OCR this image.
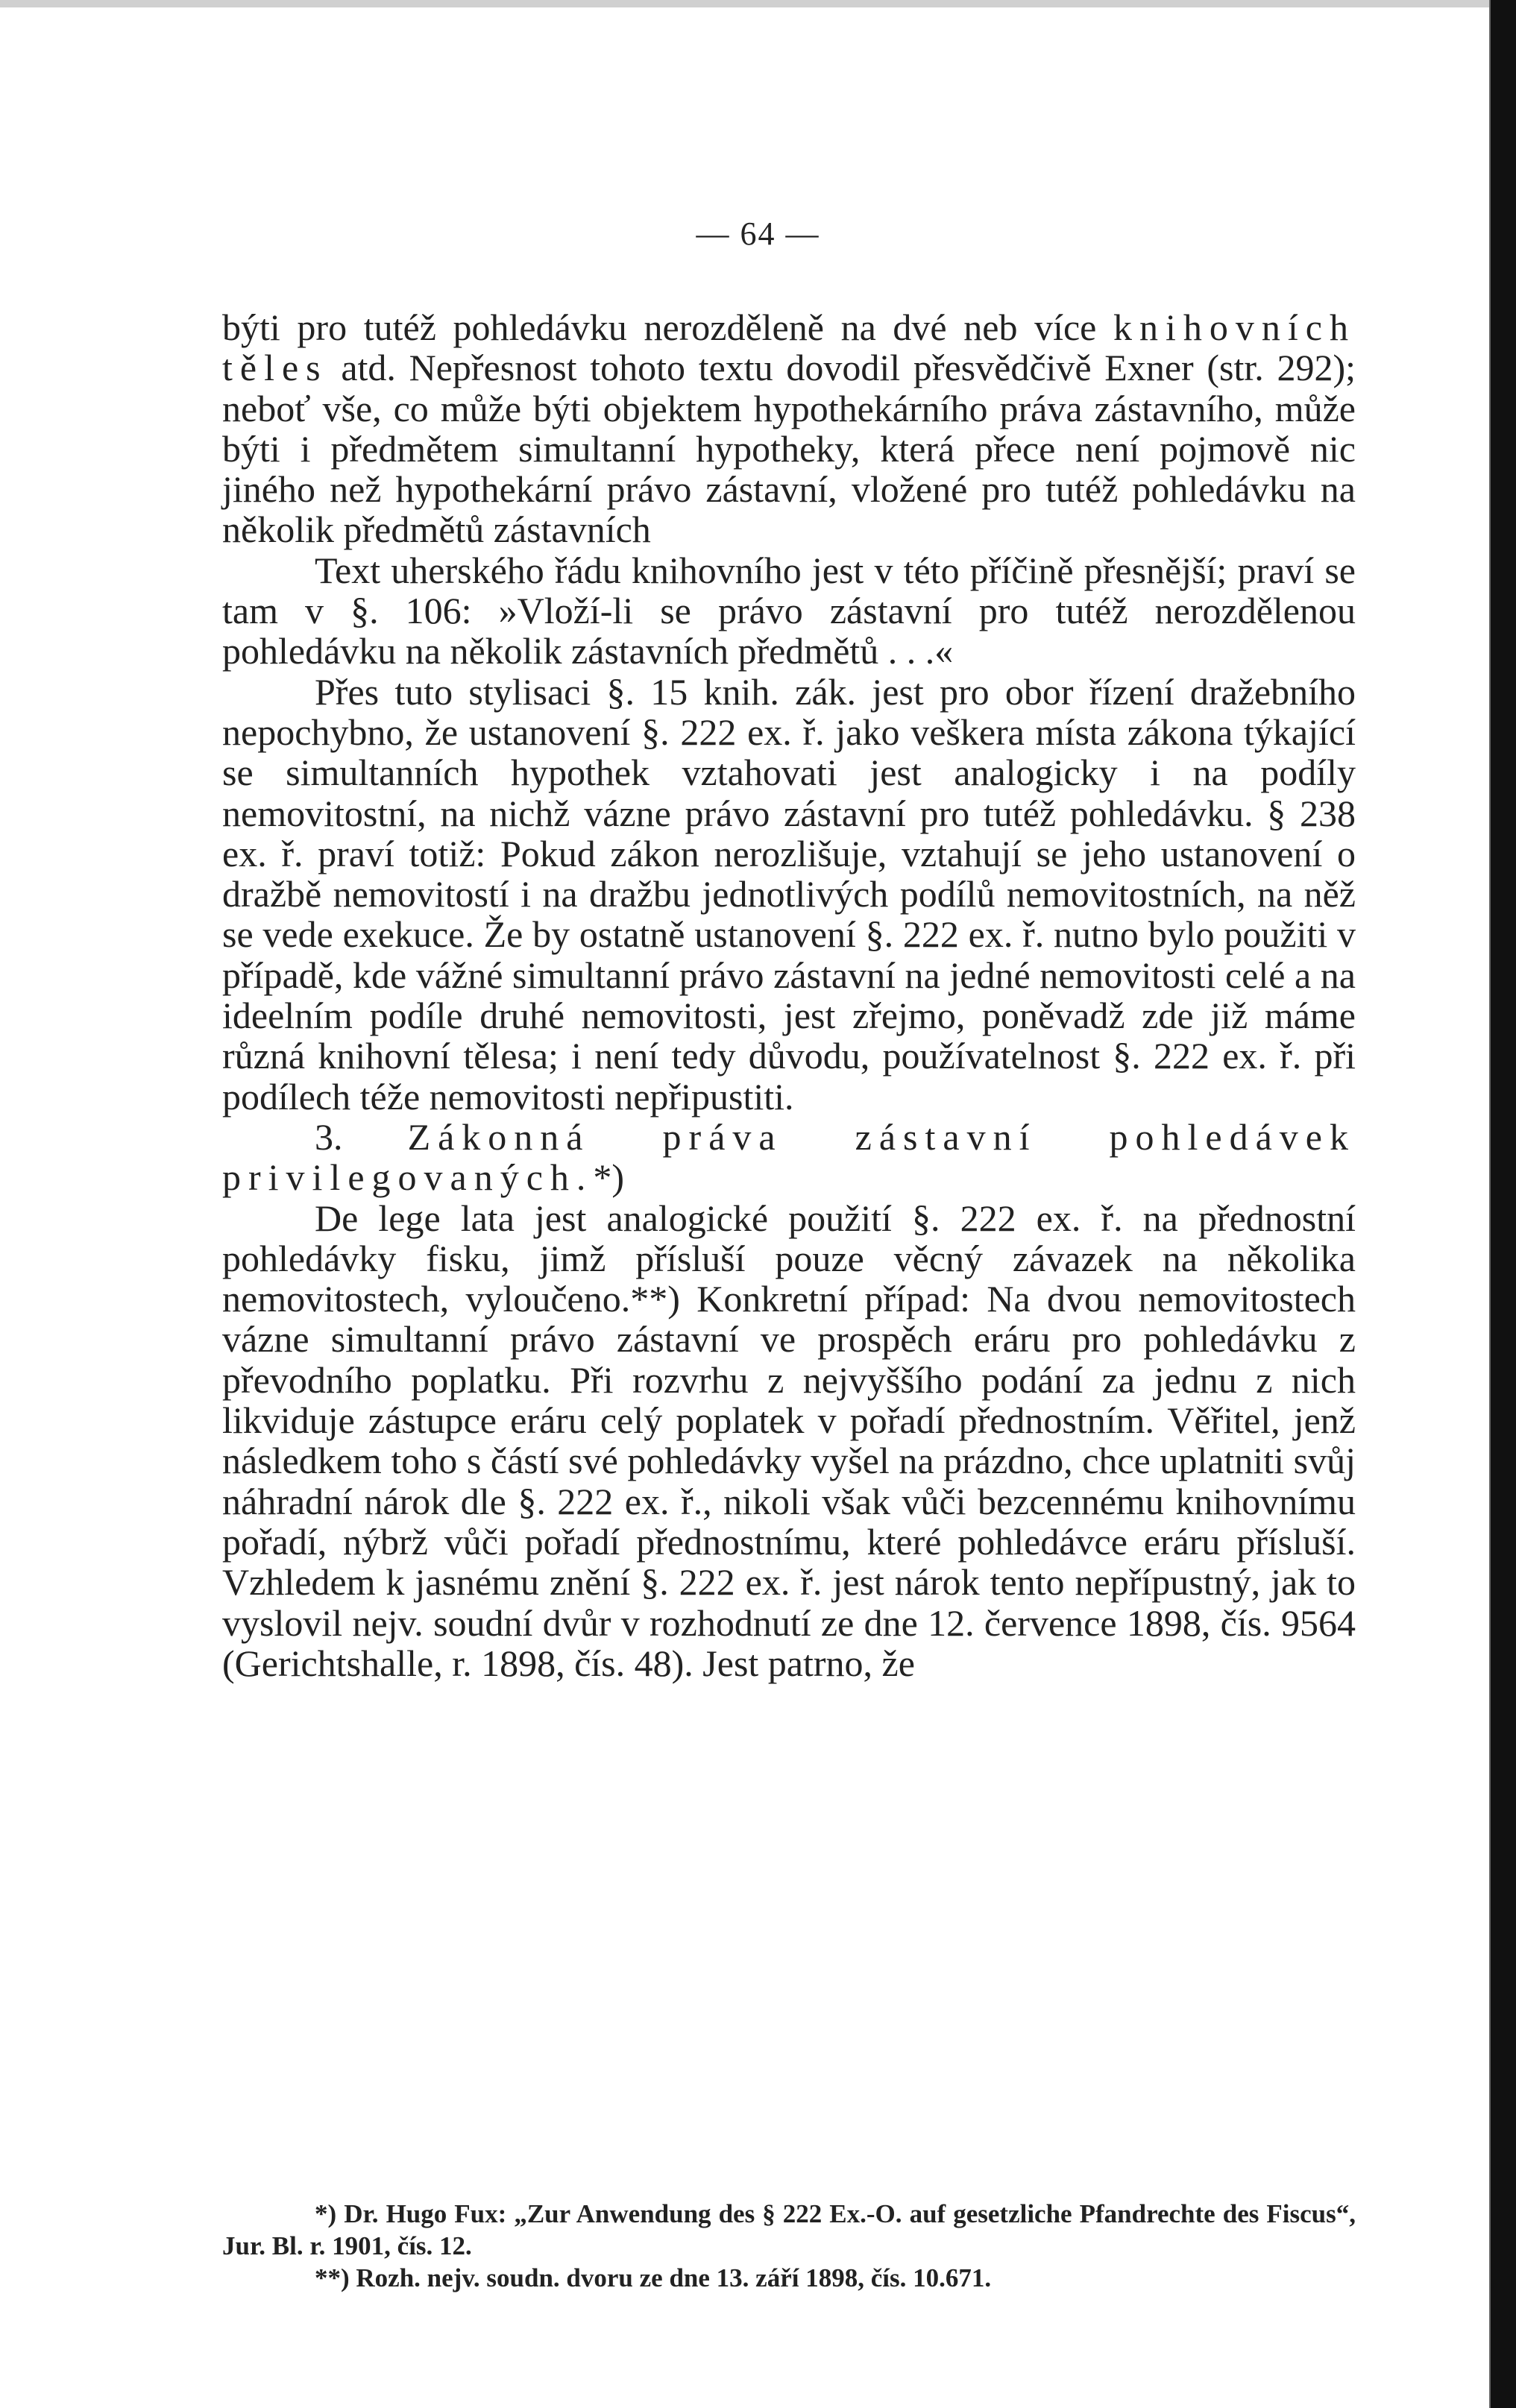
— 64 —

býti pro tutéž pohledávku nerozděleně na dvé neb více knihovních těles atd. Nepřesnost tohoto textu dovodil přesvědčivě Exner (str. 292); neboť vše, co může býti objektem hypothekárního práva zástavního, může býti i předmětem simultanní hypotheky, která přece není pojmově nic jiného než hypothekární právo zástavní, vložené pro tutéž pohledávku na několik předmětů zástavních

Text uherského řádu knihovního jest v této příčině přesnější; praví se tam v §. 106: »Vloží-li se právo zástavní pro tutéž nerozdělenou pohledávku na několik zástavních předmětů . . .«

Přes tuto stylisaci §. 15 knih. zák. jest pro obor řízení dražebního nepochybno, že ustanovení §. 222 ex. ř. jako veškera místa zákona týkající se simultanních hypothek vztahovati jest analogicky i na podíly nemovitostní, na nichž vázne právo zástavní pro tutéž pohledávku. § 238 ex. ř. praví totiž: Pokud zákon nerozlišuje, vztahují se jeho ustanovení o dražbě nemovitostí i na dražbu jednotlivých podílů nemovitostních, na něž se vede exekuce. Že by ostatně ustanovení §. 222 ex. ř. nutno bylo použiti v případě, kde vážné simultanní právo zástavní na jedné nemovitosti celé a na ideelním podíle druhé nemovitosti, jest zřejmo, poněvadž zde již máme různá knihovní tělesa; i není tedy důvodu, používatelnost §. 222 ex. ř. při podílech téže nemovitosti nepřipustiti.

3. Zákonná práva zástavní pohledávek privilegovaných.*)

De lege lata jest analogické použití §. 222 ex. ř. na přednostní pohledávky fisku, jimž přísluší pouze věcný závazek na několika nemovitostech, vyloučeno.**) Konkretní případ: Na dvou nemovitostech vázne simultanní právo zástavní ve prospěch eráru pro pohledávku z převodního poplatku. Při rozvrhu z nejvyššího podání za jednu z nich likviduje zástupce eráru celý poplatek v pořadí přednostním. Věřitel, jenž následkem toho s částí své pohledávky vyšel na prázdno, chce uplatniti svůj náhradní nárok dle §. 222 ex. ř., nikoli však vůči bezcennému knihovnímu pořadí, nýbrž vůči pořadí přednostnímu, které pohledávce eráru přísluší. Vzhledem k jasnému znění §. 222 ex. ř. jest nárok tento nepřípustný, jak to vyslovil nejv. soudní dvůr v rozhodnutí ze dne 12. července 1898, čís. 9564 (Gerichtshalle, r. 1898, čís. 48). Jest patrno, že

*) Dr. Hugo Fux: „Zur Anwendung des § 222 Ex.-O. auf gesetzliche Pfandrechte des Fiscus“, Jur. Bl. r. 1901, čís. 12.

**) Rozh. nejv. soudn. dvoru ze dne 13. září 1898, čís. 10.671.
